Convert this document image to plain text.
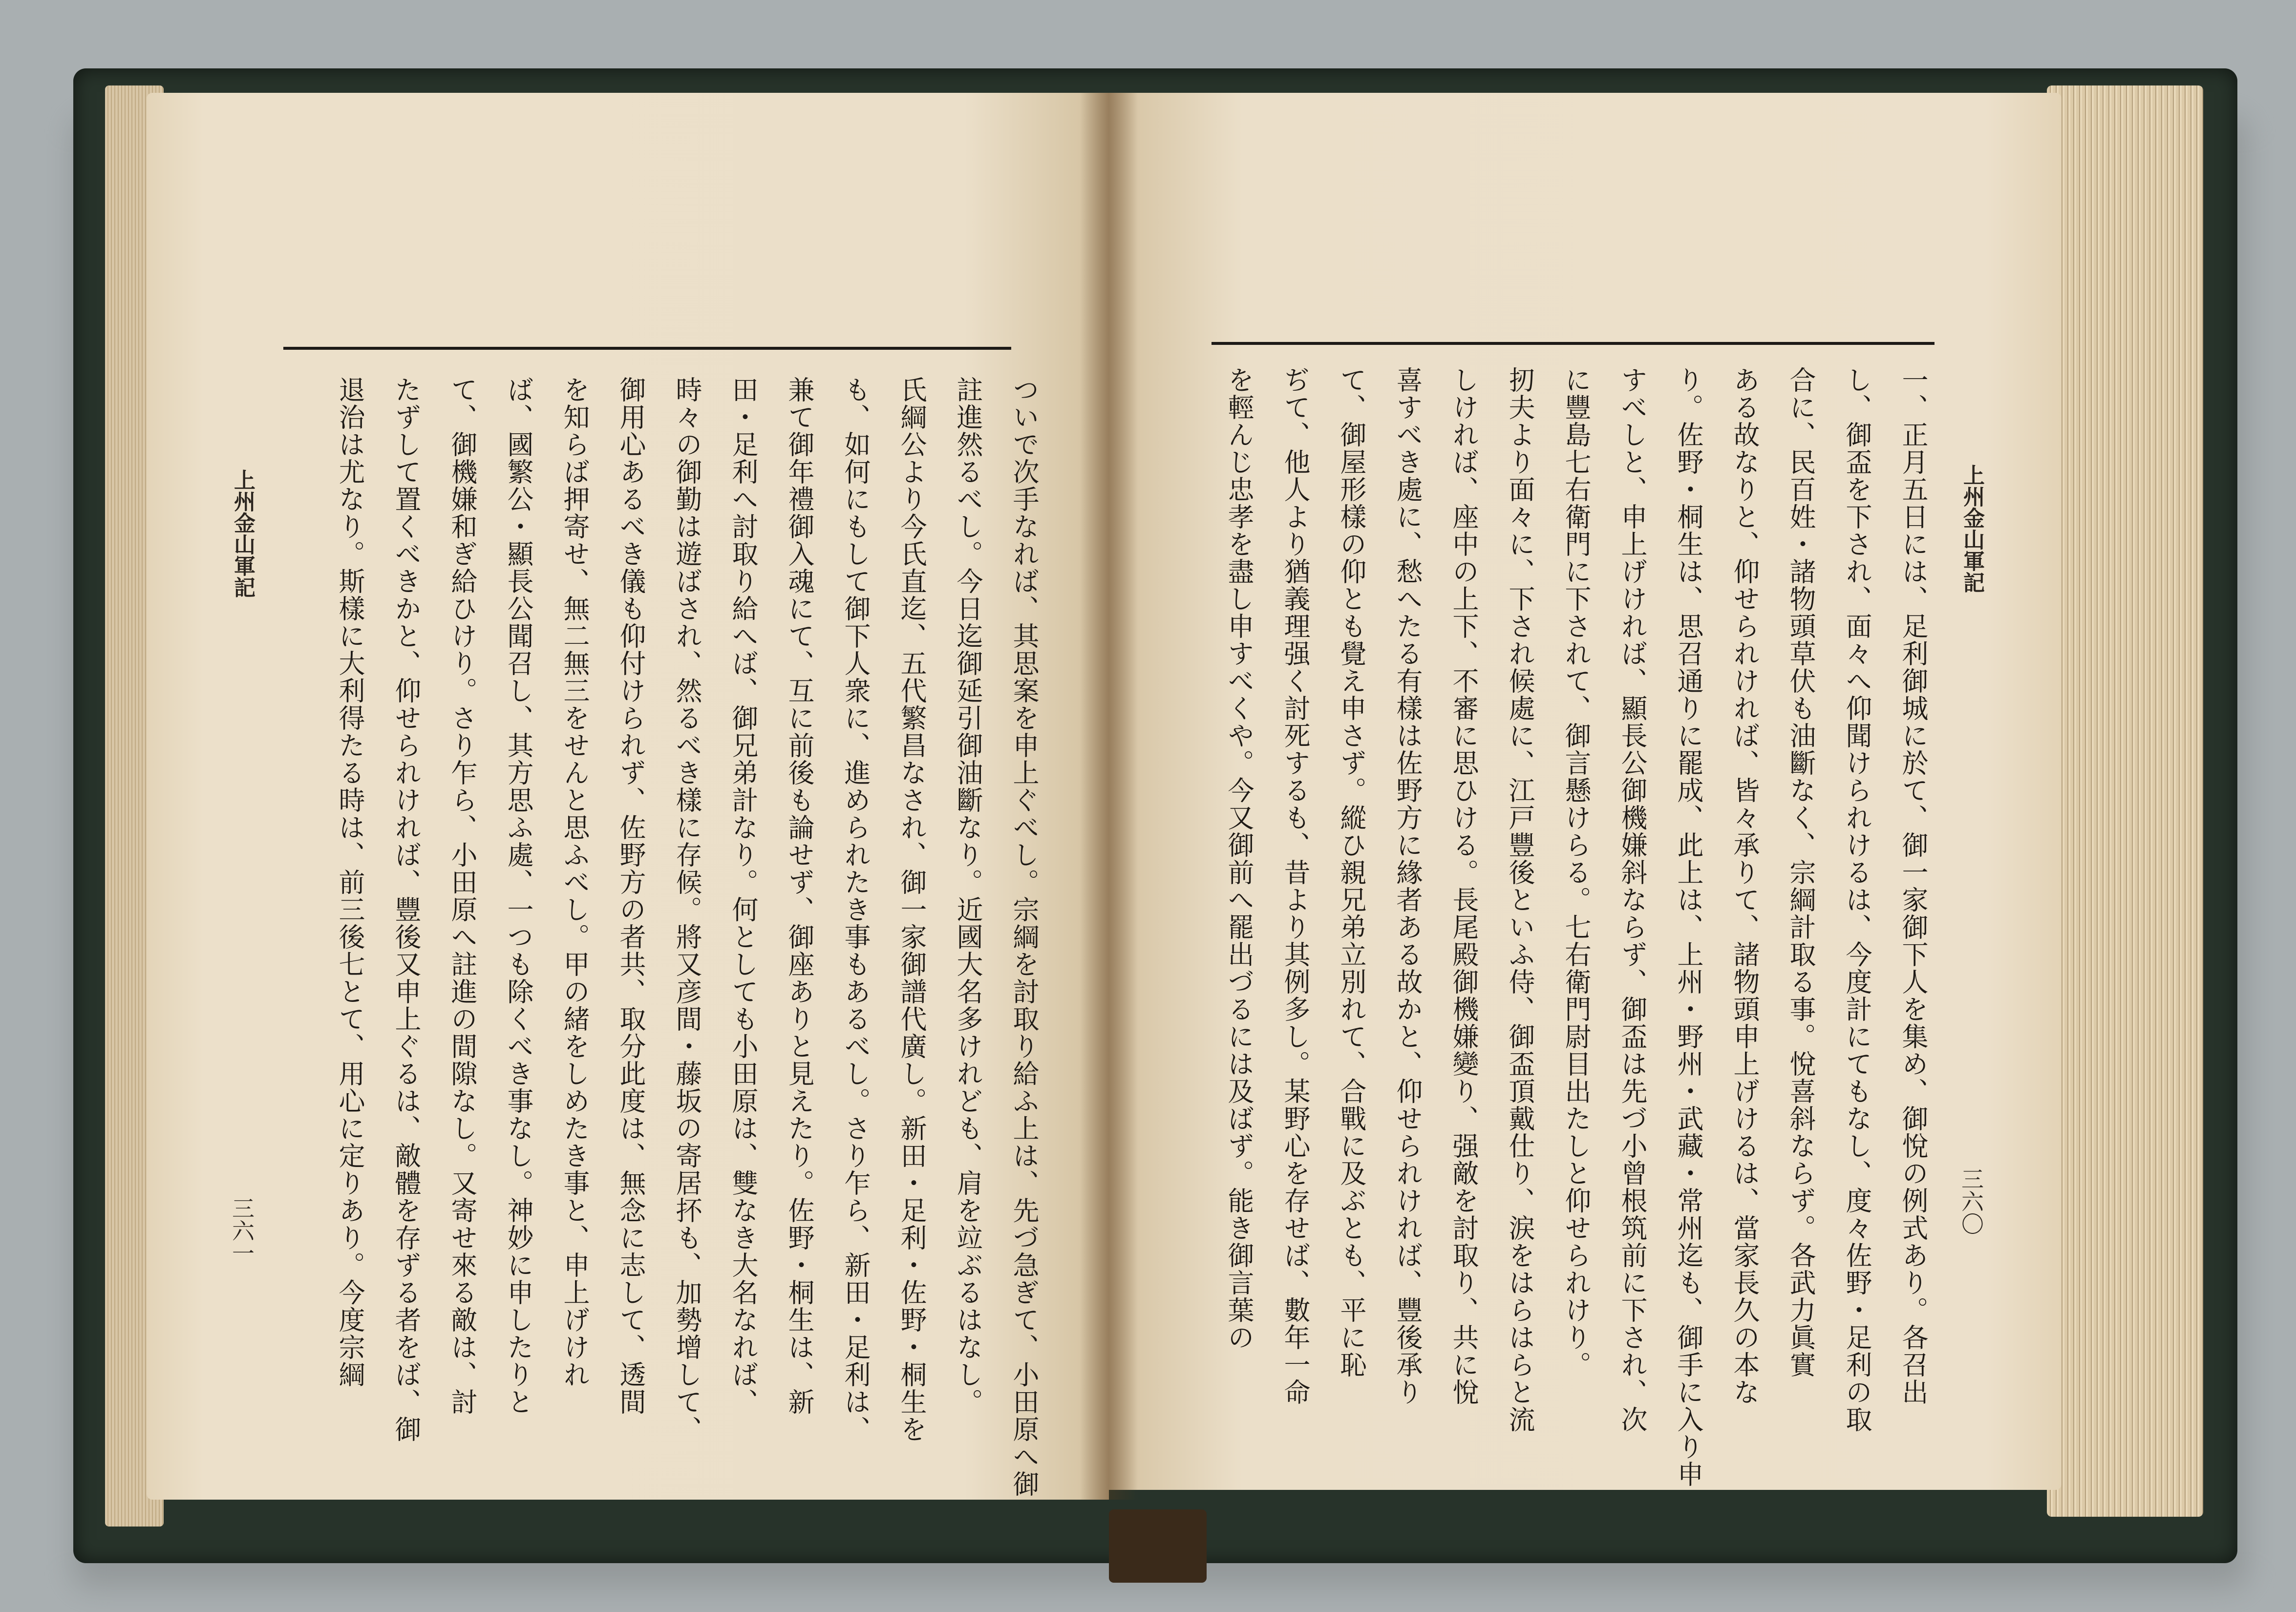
上州金山軍記
三六一	ついで次手なれば、其思案を申上ぐべし。宗綱を討取り給ふ上は、先づ急ぎて、小田原へ御
註進然るべし。今日迄御延引御油斷なり。近國大名多けれども、肩を竝ぶるはなし。
氏綱公より今氏直迄、五代繁昌なされ、御一家御譜代廣し。新田・足利・佐野・桐生を
も、如何にもして御下人衆に、進められたき事もあるべし。さり乍ら、新田・足利は、
兼て御年禮御入魂にて、互に前後も論せず、御座ありと見えたり。佐野・桐生は、新
田・足利へ討取り給へば、御兄弟計なり。何としても小田原は、雙なき大名なれば、
時々の御勤は遊ばされ、然るべき樣に存候。將又彦間・藤坂の寄居抔も、加勢增して、
御用心あるべき儀も仰付けられず、佐野方の者共、取分此度は、無念に志して、透間
を知らば押寄せ、無二無三をせんと思ふべし。甲の緒をしめたき事と、申上げけれ
ば、國繁公・顯長公聞召し、其方思ふ處、一つも除くべき事なし。神妙に申したりと
て、御機嫌和ぎ給ひけり。さり乍ら、小田原へ註進の間隙なし。又寄せ來る敵は、討
たずして置くべきかと、仰せられければ、豐後又申上ぐるは、敵體を存ずる者をば、御
退治は尤なり。斯樣に大利得たる時は、前三後七とて、用心に定りあり。今度宗綱	上州金山軍記
三六〇
一、正月五日には、足利御城に於て、御一家御下人を集め、御悅の例式あり。各召出
し、御盃を下され、面々へ仰聞けられけるは、今度計にてもなし、度々佐野・足利の取
合に、民百姓・諸物頭草伏も油斷なく、宗綱計取る事。悅喜斜ならず。各武力眞實
ある故なりと、仰せられければ、皆々承りて、諸物頭申上げけるは、當家長久の本な
り。佐野・桐生は、思召通りに罷成、此上は、上州・野州・武藏・常州迄も、御手に入り申
すべしと、申上げければ、顯長公御機嫌斜ならず、御盃は先づ小曾根筑前に下され、次
に豐島七右衛門に下されて、御言懸けらる。七右衛門尉目出たしと仰せられけり。
扨夫より面々に、下され候處に、江戸豐後といふ侍、御盃頂戴仕り、涙をはらはらと流
しければ、座中の上下、不審に思ひける。長尾殿御機嫌變り、强敵を討取り、共に悅
喜すべき處に、愁へたる有樣は佐野方に緣者ある故かと、仰せられければ、豐後承り
て、御屋形樣の仰とも覺え申さず。縱ひ親兄弟立別れて、合戰に及ぶとも、平に恥
ぢて、他人より猶義理强く討死するも、昔より其例多し。某野心を存せば、數年一命
を輕んじ忠孝を盡し申すべくや。今又御前へ罷出づるには及ばず。能き御言葉の
